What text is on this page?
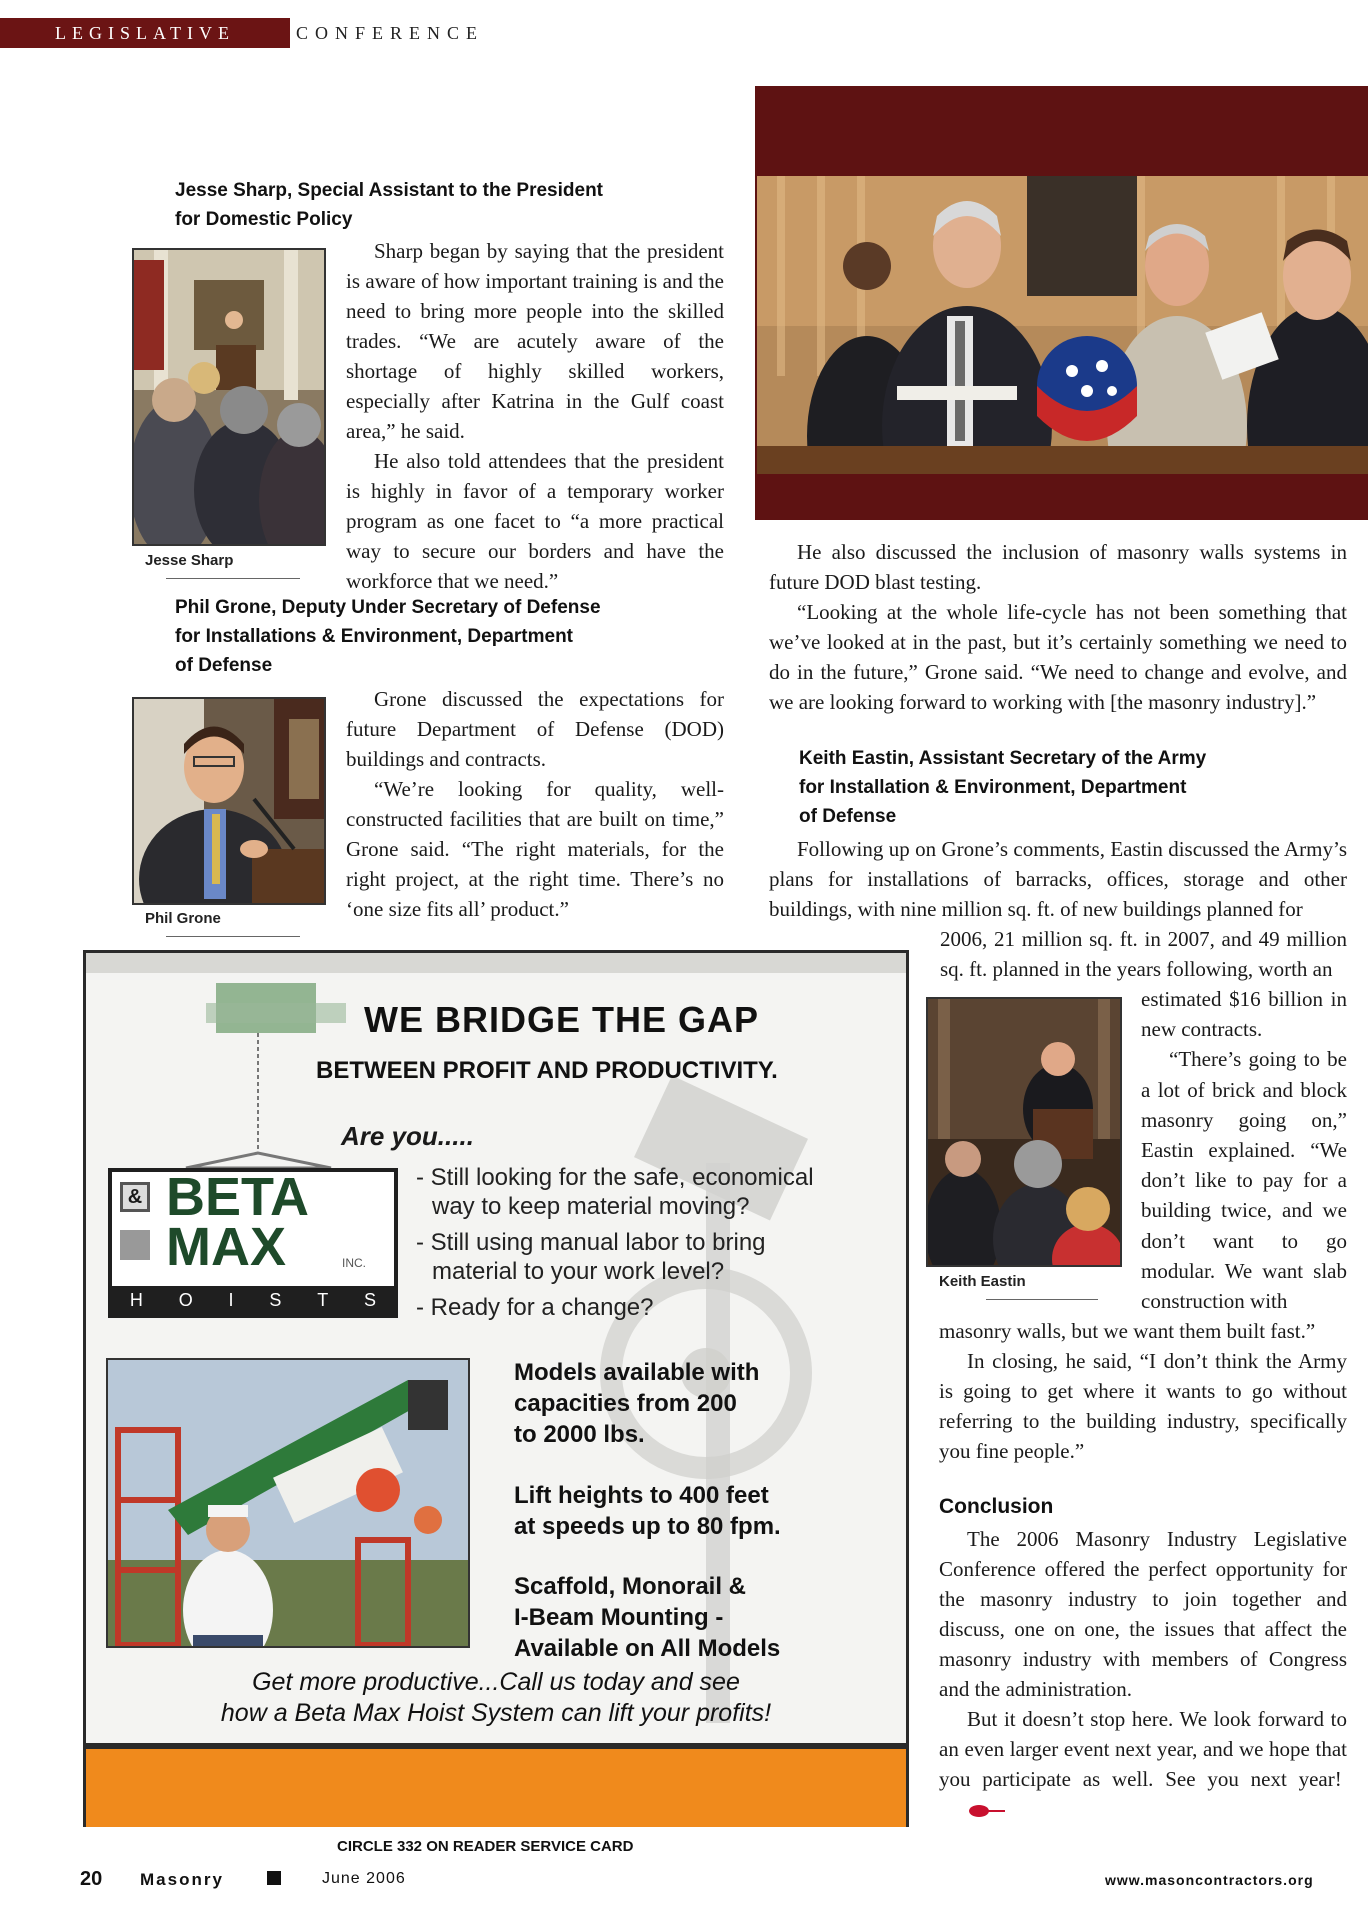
LEGISLATIVE	CONFERENCE
Jesse Sharp, Special Assistant to the President
for Domestic Policy
Jesse Sharp

Sharp began by saying that the president is aware of how important training is and the need to bring more people into the skilled trades. “We are acutely aware of the shortage of highly skilled workers, especially after Katrina in the Gulf coast area,” he said.

He also told attendees that the president is highly in favor of a temporary worker program as one facet to “a more practical way to secure our borders and have the workforce that we need.”

Phil Grone, Deputy Under Secretary of Defense
for Installations & Environment, Department
of Defense
Phil Grone

Grone discussed the expectations for future Department of Defense (DOD) buildings and contracts.

“We’re looking for quality, well-constructed facilities that are built on time,” Grone said. “The right materials, for the right project, at the right time. There’s no ‘one size fits all’ product.”

He also discussed the inclusion of masonry walls systems in future DOD blast testing.

“Looking at the whole life-cycle has not been something that we’ve looked at in the past, but it’s certainly something we need to do in the future,” Grone said. “We need to change and evolve, and we are looking forward to working with [the masonry industry].”

Keith Eastin, Assistant Secretary of the Army
for Installation & Environment, Department
of Defense

Following up on Grone’s comments, Eastin discussed the Army’s plans for installations of barracks, offices, storage and other buildings, with nine million sq. ft. of new buildings planned for

2006, 21 million sq. ft. in 2007, and 49 million sq. ft. planned in the years following, worth an
Keith Eastin
estimated $16 billion in new contracts.

“There’s going to be a lot of brick and block masonry going on,” Eastin explained. “We don’t like to pay for a building twice, and we don’t want to go modular. We want slab construction with

masonry walls, but we want them built fast.”

In closing, he said, “I don’t think the Army is going to get where it wants to go without referring to the building industry, specifically you fine people.”

Conclusion

The 2006 Masonry Industry Legislative Conference offered the perfect opportunity for the masonry industry to join together and discuss, one on one, the issues that affect the masonry industry with members of Congress and the administration.

But it doesn’t stop here. We look forward to an even larger event next year, and we hope that you participate as well. See you next year!

WE BRIDGE THE GAP
BETWEEN PROFIT AND PRODUCTIVITY.
Are you.....
- Still looking for the safe, economical
way to keep material moving?
- Still using manual labor to bring
material to your work level?
- Ready for a change?
& BETA
MAX	INC.
H O I S T S
Models available with
capacities from 200
to 2000 lbs.
Lift heights to 400 feet
at speeds up to 80 fpm.
Scaffold, Monorail &
I-Beam Mounting -
Available on All Models
Get more productive...Call us today and see
how a Beta Max Hoist System can lift your profits!
CIRCLE 332 ON READER SERVICE CARD
20 Masonry	June 2006	www.masoncontractors.org
